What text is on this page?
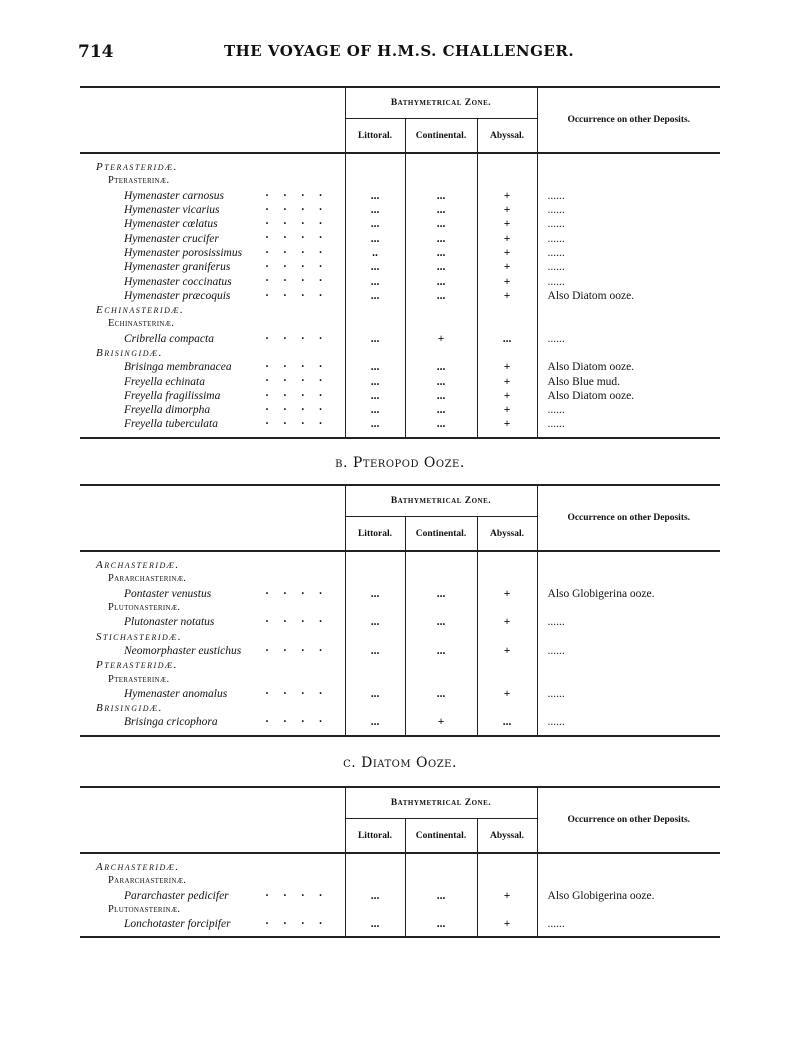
714	THE VOYAGE OF H.M.S. CHALLENGER.
	Bathymetrical Zone.			Occurrence on other Deposits.
	Littoral.	Continental.	Abyssal.	
Pterasteridæ.				
Pterasterinæ.				
Hymenaster carnosus ····	...	...	+	......
Hymenaster vicarius ····	...	...	+	......
Hymenaster cœlatus ····	...	...	+	......
Hymenaster crucifer ····	...	...	+	......
Hymenaster porosissimus ····	..	...	+	......
Hymenaster graniferus ····	...	...	+	......
Hymenaster coccinatus ····	...	...	+	......
Hymenaster præcoquis ····	...	...	+	Also Diatom ooze.
Echinasteridæ.				
Echinasterinæ.				
Cribrella compacta ····	...	+	...	......
Brisingidæ.				
Brisinga membranacea ····	...	...	+	Also Diatom ooze.
Freyella echinata ····	...	...	+	Also Blue mud.
Freyella fragilissima ····	...	...	+	Also Diatom ooze.
Freyella dimorpha ····	...	...	+	......
Freyella tuberculata ····	...	...	+	......
b. Pteropod Ooze.
	Bathymetrical Zone.			Occurrence on other Deposits.
	Littoral.	Continental.	Abyssal.	
Archasteridæ.				
Pararchasterinæ.				
Pontaster venustus ····	...	...	+	Also Globigerina ooze.
Plutonasterinæ.				
Plutonaster notatus ····	...	...	+	......
Stichasteridæ.				
Neomorphaster eustichus ····	...	...	+	......
Pterasteridæ.				
Pterasterinæ.				
Hymenaster anomalus ····	...	...	+	......
Brisingidæ.				
Brisinga cricophora ····	...	+	...	......
c. Diatom Ooze.
	Bathymetrical Zone.			Occurrence on other Deposits.
	Littoral.	Continental.	Abyssal.	
Archasteridæ.				
Pararchasterinæ.				
Pararchaster pedicifer ····	...	...	+	Also Globigerina ooze.
Plutonasterinæ.				
Lonchotaster forcipifer ····	...	...	+	......
